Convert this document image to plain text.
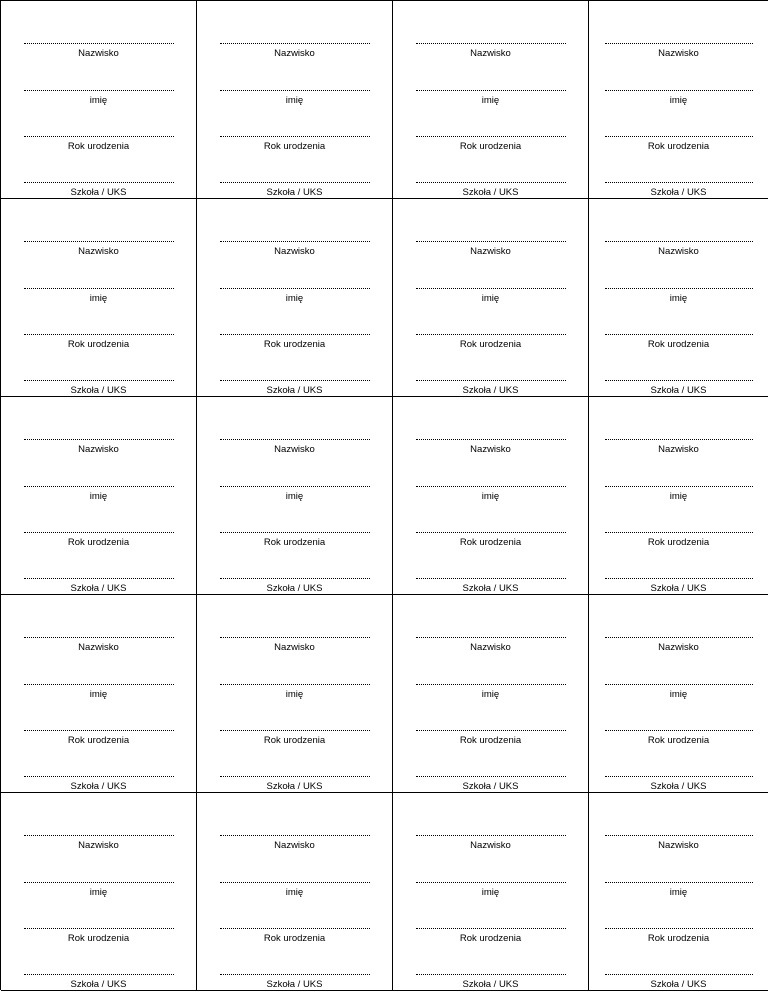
Nazwisko
imię
Rok urodzenia
Szkoła / UKS
Nazwisko
imię
Rok urodzenia
Szkoła / UKS
Nazwisko
imię
Rok urodzenia
Szkoła / UKS
Nazwisko
imię
Rok urodzenia
Szkoła / UKS
Nazwisko
imię
Rok urodzenia
Szkoła / UKS
Nazwisko
imię
Rok urodzenia
Szkoła / UKS
Nazwisko
imię
Rok urodzenia
Szkoła / UKS
Nazwisko
imię
Rok urodzenia
Szkoła / UKS
Nazwisko
imię
Rok urodzenia
Szkoła / UKS
Nazwisko
imię
Rok urodzenia
Szkoła / UKS
Nazwisko
imię
Rok urodzenia
Szkoła / UKS
Nazwisko
imię
Rok urodzenia
Szkoła / UKS
Nazwisko
imię
Rok urodzenia
Szkoła / UKS
Nazwisko
imię
Rok urodzenia
Szkoła / UKS
Nazwisko
imię
Rok urodzenia
Szkoła / UKS
Nazwisko
imię
Rok urodzenia
Szkoła / UKS
Nazwisko
imię
Rok urodzenia
Szkoła / UKS
Nazwisko
imię
Rok urodzenia
Szkoła / UKS
Nazwisko
imię
Rok urodzenia
Szkoła / UKS
Nazwisko
imię
Rok urodzenia
Szkoła / UKS
